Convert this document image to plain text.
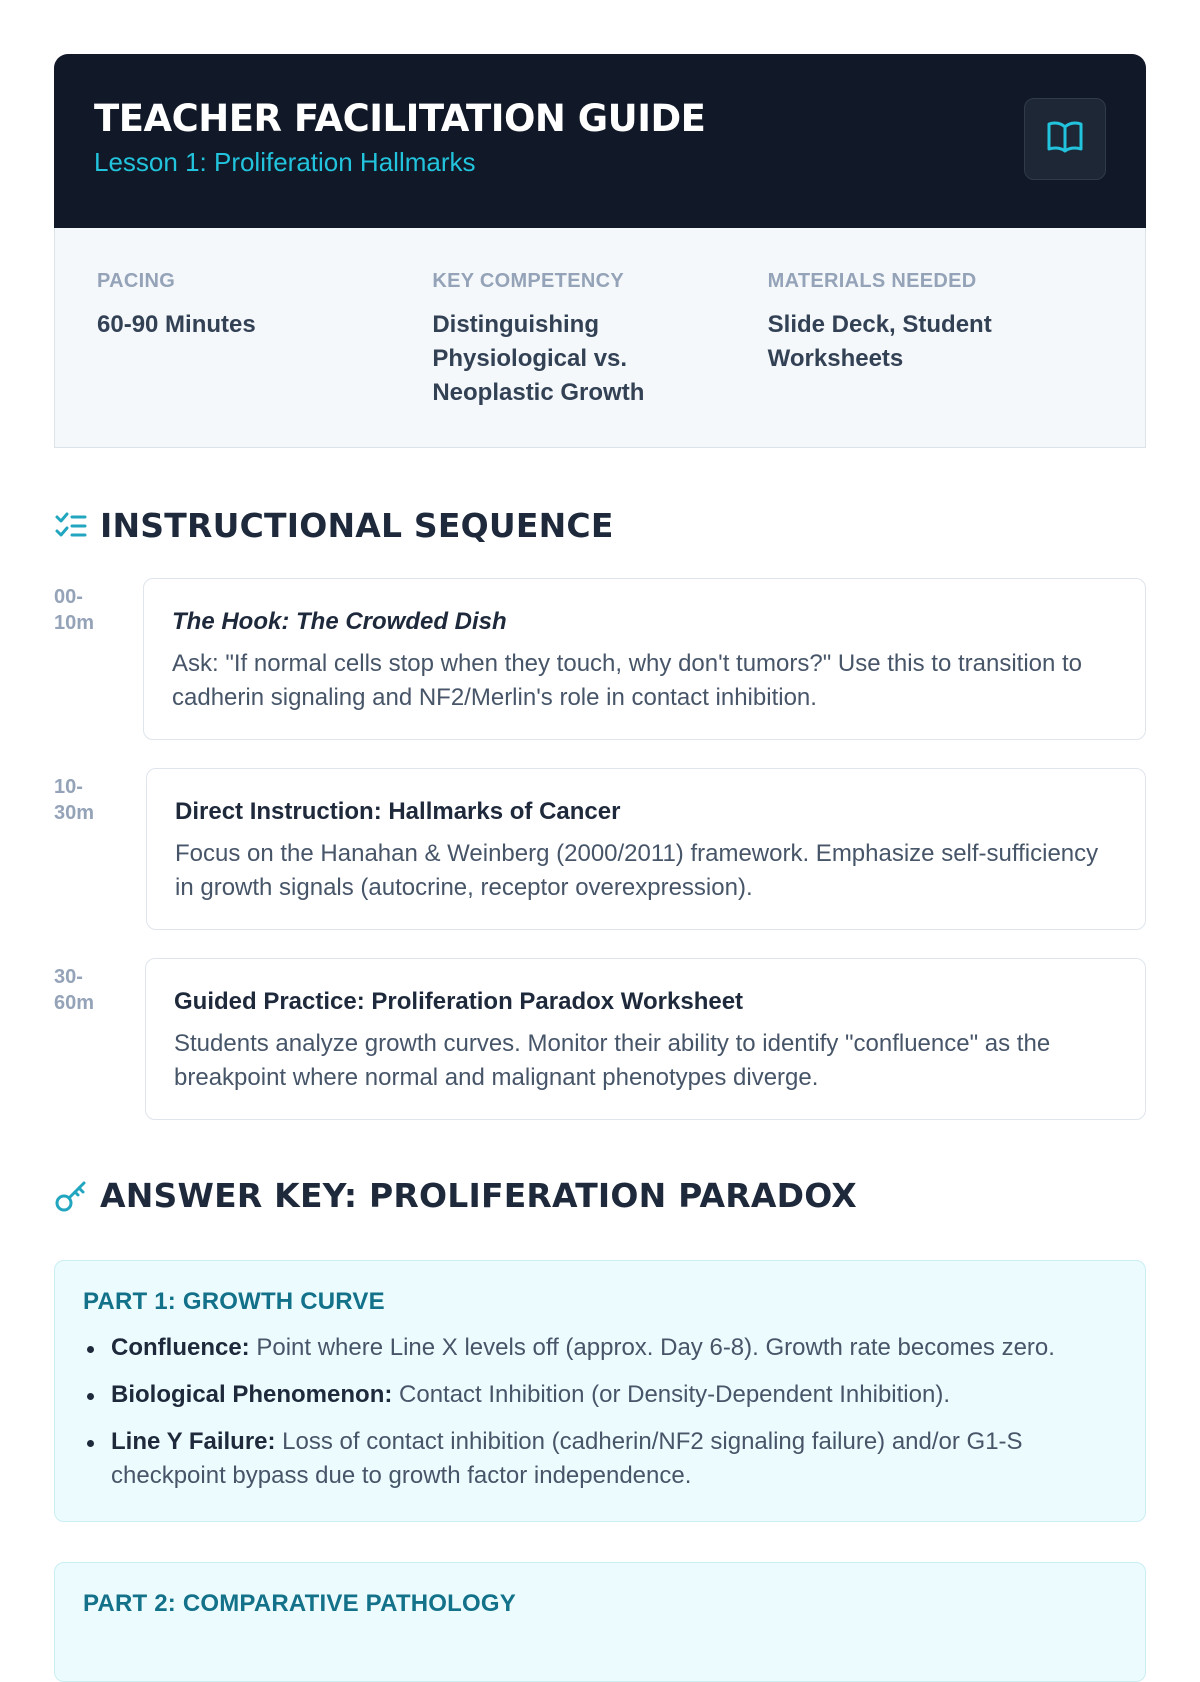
TEACHER FACILITATION GUIDE
Lesson 1: Proliferation Hallmarks
PACING
60-90 Minutes
KEY COMPETENCY
Distinguishing Physiological vs. Neoplastic Growth
MATERIALS NEEDED
Slide Deck, Student Worksheets
INSTRUCTIONAL SEQUENCE
00-
10m	The Hook: The Crowded Dish
Ask: "If normal cells stop when they touch, why don't tumors?" Use this to transition to cadherin signaling and NF2/Merlin's role in contact inhibition.
10-
30m	Direct Instruction: Hallmarks of Cancer
Focus on the Hanahan & Weinberg (2000/2011) framework. Emphasize self-sufficiency in growth signals (autocrine, receptor overexpression).
30-
60m	Guided Practice: Proliferation Paradox Worksheet
Students analyze growth curves. Monitor their ability to identify "confluence" as the breakpoint where normal and malignant phenotypes diverge.
ANSWER KEY: PROLIFERATION PARADOX
PART 1: GROWTH CURVE
Confluence: Point where Line X levels off (approx. Day 6-8). Growth rate becomes zero.
Biological Phenomenon: Contact Inhibition (or Density-Dependent Inhibition).
Line Y Failure: Loss of contact inhibition (cadherin/NF2 signaling failure) and/or G1-S checkpoint bypass due to growth factor independence.
PART 2: COMPARATIVE PATHOLOGY
